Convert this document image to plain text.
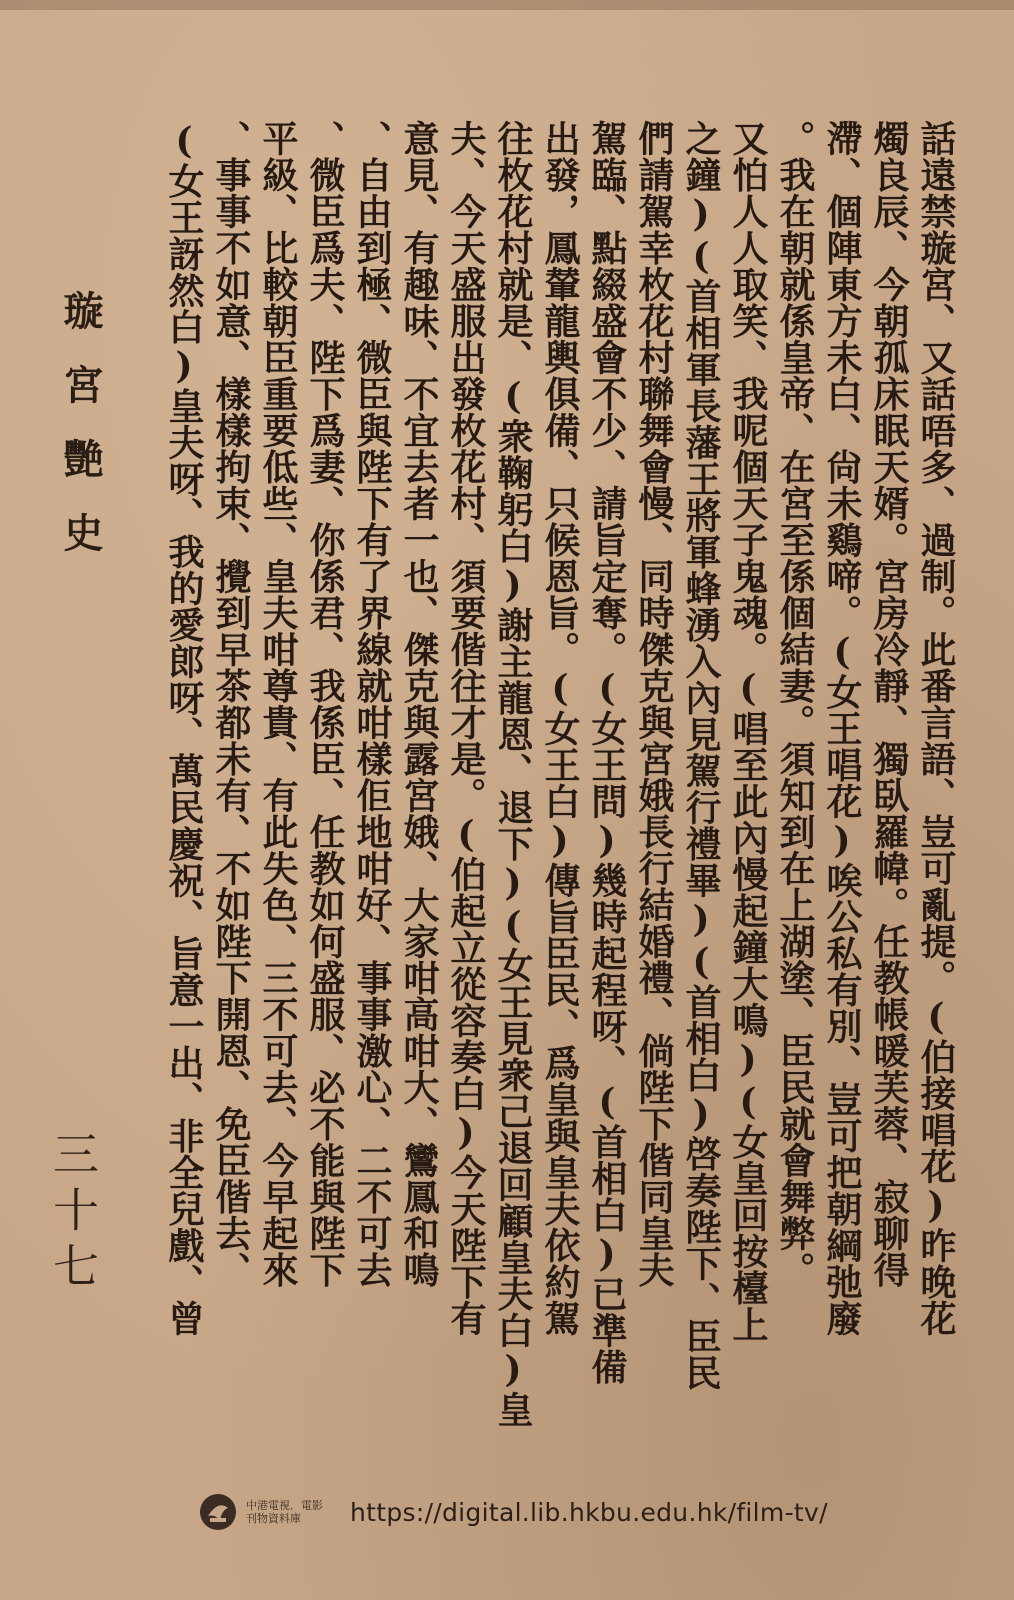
話遠禁璇宮、又話唔多、過制。此番言語、豈可亂提。(伯接唱花)昨晚花
燭良辰、今朝孤床眠天婿。宮房冷靜、獨臥羅幃。任教帳暖芙蓉、寂聊得
滯、個陣東方未白、尙未鷄啼。(女王唱花)唉公私有別、豈可把朝綱弛廢
。我在朝就係皇帝、在宮至係個結妻。須知到在上湖塗、臣民就會舞弊。
又怕人人取笑、我呢個天子鬼魂。(唱至此內慢起鐘大鳴)(女皇回按檯上
之鐘)(首相軍長藩王將軍蜂湧入內見駕行禮畢)(首相白)啓奏陛下、臣民
們請駕幸枚花村聯舞會慢、同時傑克與宮娥長行結婚禮、倘陛下偕同皇夫
駕臨、點綴盛會不少、請旨定奪。(女王問)幾時起程呀、(首相白)已準備
出發，鳳輦龍輿俱備、只候恩旨。(女王白)傳旨臣民、爲皇與皇夫依約駕
往枚花村就是、(衆鞠躬白)謝主龍恩、退下)(女王見衆己退回顧皇夫白)皇
夫、今天盛服出發枚花村、須要偕往才是。(伯起立從容奏白)今天陛下有
意見、有趣味、不宜去者一也、傑克與露宮娥、大家咁高咁大、鸞鳳和鳴
、自由到極、微臣與陛下有了界線就咁樣佢地咁好、事事激心、二不可去
、微臣爲夫、陛下爲妻、你係君、我係臣、任教如何盛服、必不能與陛下
平級、比較朝臣重要低些、皇夫咁尊貴、有此失色、三不可去、今早起來
、事事不如意、樣樣拘束、攪到早茶都未有、不如陛下開恩、免臣偕去、
(女王訝然白)皇夫呀、我的愛郎呀、萬民慶祝、旨意一出、非全兒戲、曾
璇宮艷史
三十七
中港電視．電影
刊物資料庫	https://digital.lib.hkbu.edu.hk/film-tv/
